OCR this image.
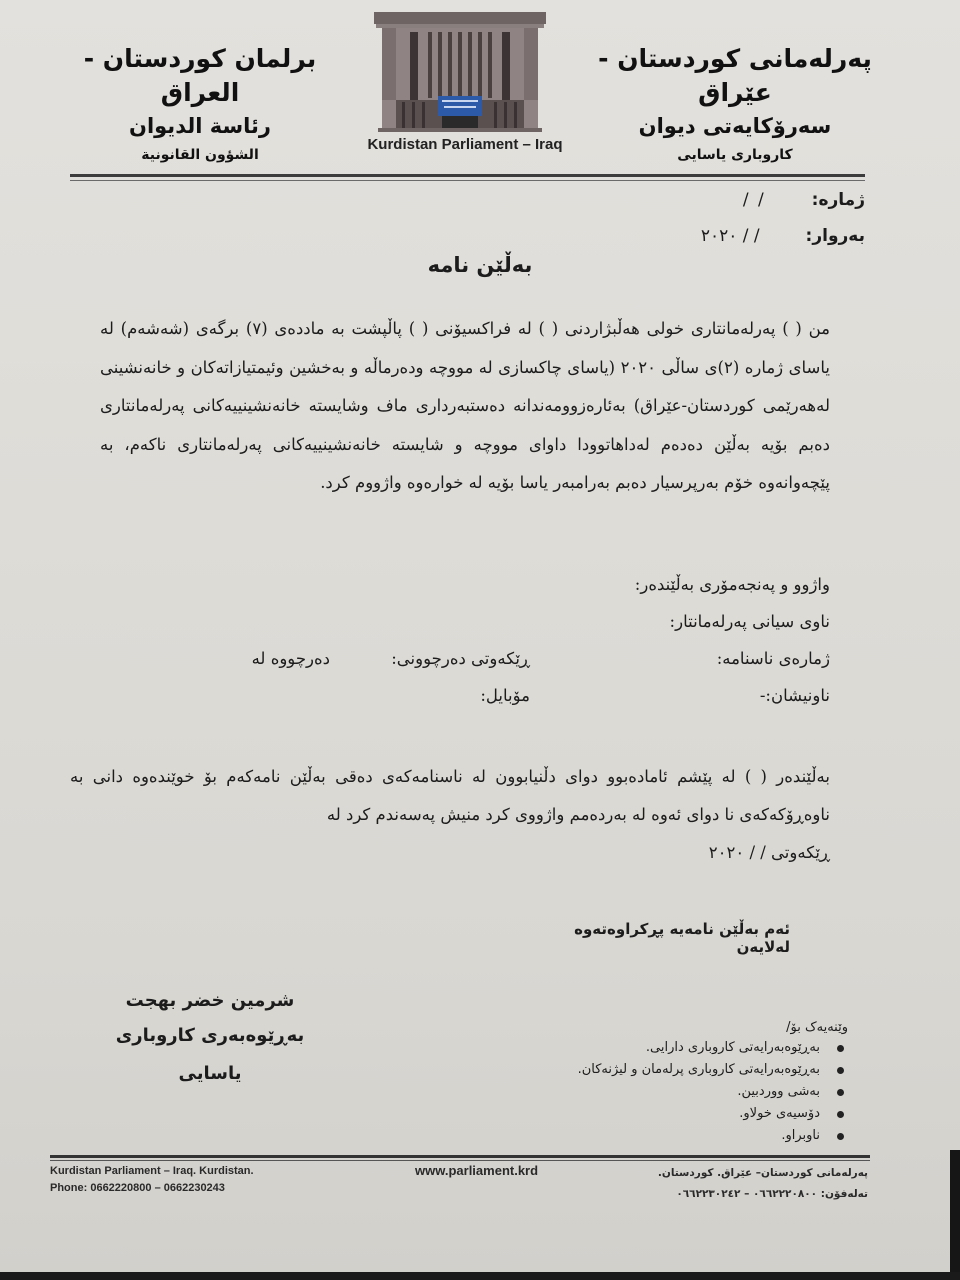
پەرلەمانی کوردستان - عێراق
سەرۆکایەتی دیوان
کاروباری یاسایی
Kurdistan Parliament – Iraq
برلمان كوردستان - العراق
رئاسة الديوان
الشؤون القانونية
ژمارە: / /
بەروار: / / ٢٠٢٠
بەڵێن نامە

من ( ) پەرلەمانتاری خولی هەڵبژاردنی ( ) لە فراکسیۆنی ( ) پاڵپشت بە ماددەی (٧) برگەی (شەشەم) لە یاسای ژمارە (٢)ی ساڵی ٢٠٢٠ (یاسای چاکسازی لە مووچە ودەرماڵە و بەخشین وئیمتیازاتەکان و خانەنشینی لەهەرێمی کوردستان-عێراق) بەئارەزوومەندانە دەستبەرداری ماف وشایستە خانەنشینییەکانی پەرلەمانتاری دەبم بۆیە بەڵێن دەدەم لەداهاتوودا داوای مووچە و شایستە خانەنشینییەکانی پەرلەمانتاری ناکەم، بە پێچەوانەوە خۆم بەرپرسیار دەبم بەرامبەر یاسا بۆیە لە خوارەوە واژووم کرد.

واژوو و پەنجەمۆری بەڵێندەر:
ناوی سیانی پەرلەمانتار:
ژمارەی ناسنامە:
ڕێکەوتی دەرچوونی:
دەرچووە لە
ناونیشان:-
مۆبایل:

بەڵێندەر ( ) لە پێشم ئامادەبوو دوای دڵنیابوون لە ناسنامەکەی دەقی بەڵێن نامەکەم بۆ خوێندەوە دانی بە ناوەڕۆکەکەی نا دوای ئەوە لە بەردەمم واژووی کرد منیش پەسەندم کرد لە

ڕێکەوتی / / ٢٠٢٠

ئەم بەڵێن نامەیە پڕکراوەتەوە لەلایەن
شرمين خضر بهجت
بەڕێوەبەری کاروباری یاسایی
وێنەیەک بۆ/
بەڕێوەبەرایەتی کاروباری دارایی.
بەڕێوەبەرایەتی کاروباری پرلەمان و لیژنەکان.
بەشی ووردبین.
دۆسیەی خولاو.
ناوبراو.
Kurdistan Parliament – Iraq. Kurdistan.
Phone: 0662220800 – 0662230243
www.parliament.krd	پەرلەمانی کوردستان– عێراق. کوردستان.
تەلەفۆن: ٠٦٦٢٢٢٠٨٠٠ – ٠٦٦٢٢٣٠٢٤٢
